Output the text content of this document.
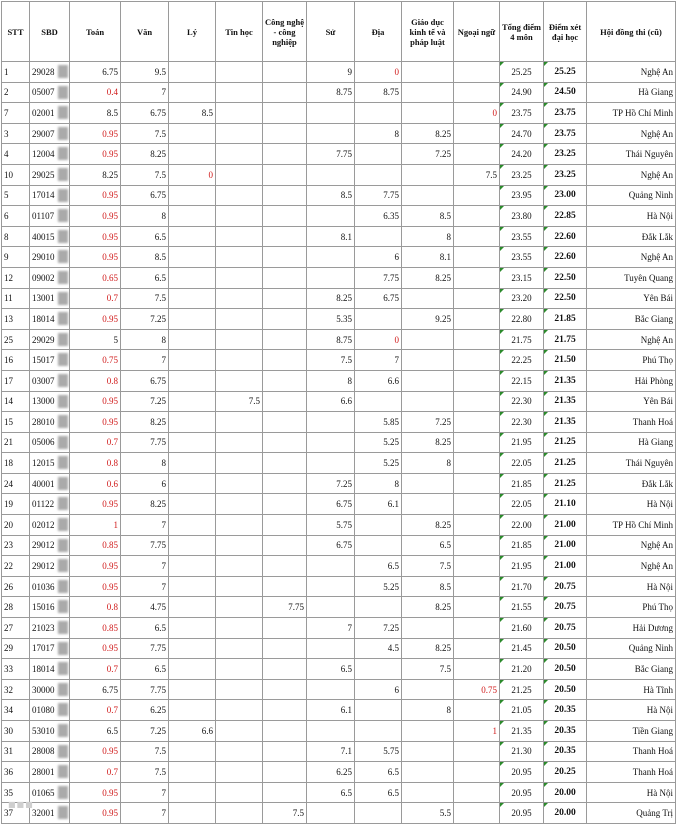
STT	SBD	Toán	Văn	Lý	Tin học	Công nghệ - công nghiệp	Sử	Địa	Giáo dục kinh tế và pháp luật	Ngoại ngữ	Tổng điểm 4 môn	Điểm xét đại học	Hội đồng thi (cũ)
1	29028	6.75	9.5				9	0			25.25	25.25	Nghệ An
2	05007	0.4	7				8.75	8.75			24.90	24.50	Hà Giang
7	02001	8.5	6.75	8.5						0	23.75	23.75	TP Hồ Chí Minh
3	29007	0.95	7.5					8	8.25		24.70	23.75	Nghệ An
4	12004	0.95	8.25				7.75		7.25		24.20	23.25	Thái Nguyên
10	29025	8.25	7.5	0						7.5	23.25	23.25	Nghệ An
5	17014	0.95	6.75				8.5	7.75			23.95	23.00	Quảng Ninh
6	01107	0.95	8					6.35	8.5		23.80	22.85	Hà Nội
8	40015	0.95	6.5				8.1		8		23.55	22.60	Đắk Lắk
9	29010	0.95	8.5					6	8.1		23.55	22.60	Nghệ An
12	09002	0.65	6.5					7.75	8.25		23.15	22.50	Tuyên Quang
11	13001	0.7	7.5				8.25	6.75			23.20	22.50	Yên Bái
13	18014	0.95	7.25				5.35		9.25		22.80	21.85	Bắc Giang
25	29029	5	8				8.75	0			21.75	21.75	Nghệ An
16	15017	0.75	7				7.5	7			22.25	21.50	Phú Thọ
17	03007	0.8	6.75				8	6.6			22.15	21.35	Hải Phòng
14	13000	0.95	7.25		7.5		6.6				22.30	21.35	Yên Bái
15	28010	0.95	8.25					5.85	7.25		22.30	21.35	Thanh Hoá
21	05006	0.7	7.75					5.25	8.25		21.95	21.25	Hà Giang
18	12015	0.8	8					5.25	8		22.05	21.25	Thái Nguyên
24	40001	0.6	6				7.25	8			21.85	21.25	Đắk Lắk
19	01122	0.95	8.25				6.75	6.1			22.05	21.10	Hà Nội
20	02012	1	7				5.75		8.25		22.00	21.00	TP Hồ Chí Minh
23	29012	0.85	7.75				6.75		6.5		21.85	21.00	Nghệ An
22	29012	0.95	7					6.5	7.5		21.95	21.00	Nghệ An
26	01036	0.95	7					5.25	8.5		21.70	20.75	Hà Nội
28	15016	0.8	4.75			7.75			8.25		21.55	20.75	Phú Thọ
27	21023	0.85	6.5				7	7.25			21.60	20.75	Hải Dương
29	17017	0.95	7.75					4.5	8.25		21.45	20.50	Quảng Ninh
33	18014	0.7	6.5				6.5		7.5		21.20	20.50	Bắc Giang
32	30000	6.75	7.75					6		0.75	21.25	20.50	Hà Tĩnh
34	01080	0.7	6.25				6.1		8		21.05	20.35	Hà Nội
30	53010	6.5	7.25	6.6						1	21.35	20.35	Tiền Giang
31	28008	0.95	7.5				7.1	5.75			21.30	20.35	Thanh Hoá
36	28001	0.7	7.5				6.25	6.5			20.95	20.25	Thanh Hoá
35	01065	0.95	7				6.5	6.5			20.95	20.00	Hà Nội
37	32001	0.95	7			7.5			5.5		20.95	20.00	Quảng Trị
■■■
